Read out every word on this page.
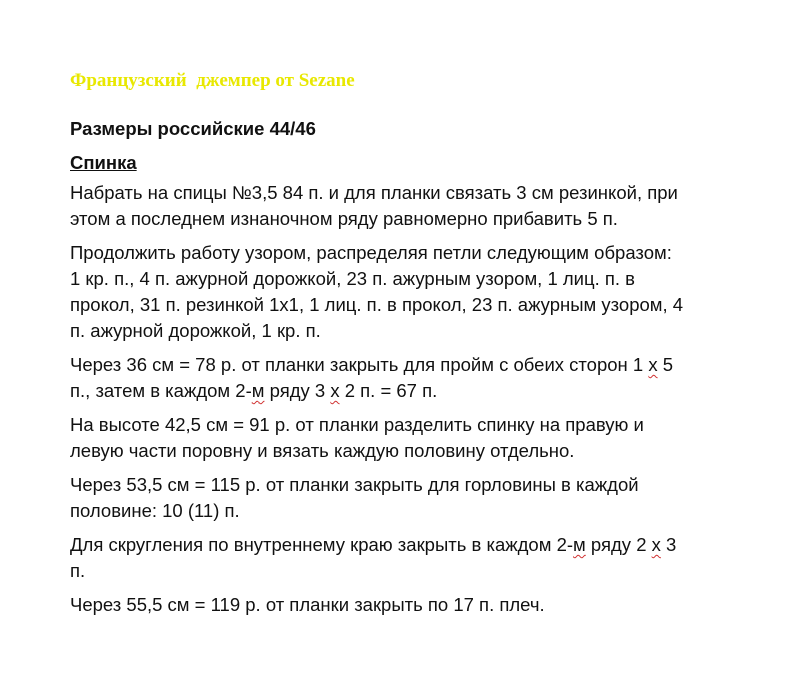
Французский  джемпер от Sezane
Размеры российские 44/46
Спинка
Набрать на спицы №3,5 84 п. и для планки связать 3 см резинкой, при
этом а последнем изнаночном ряду равномерно прибавить 5 п.
Продолжить работу узором, распределяя петли следующим образом:
1 кр. п., 4 п. ажурной дорожкой, 23 п. ажурным узором, 1 лиц. п. в
прокол, 31 п. резинкой 1х1, 1 лиц. п. в прокол, 23 п. ажурным узором, 4
п. ажурной дорожкой, 1 кр. п.
Через 36 см = 78 р. от планки закрыть для пройм с обеих сторон 1 х 5
п., затем в каждом 2-м ряду 3 х 2 п. = 67 п.
На высоте 42,5 см = 91 р. от планки разделить спинку на правую и
левую части поровну и вязать каждую половину отдельно.
Через 53,5 см = 115 р. от планки закрыть для горловины в каждой
половине: 10 (11) п.
Для скругления по внутреннему краю закрыть в каждом 2-м ряду 2 х 3
п.
Через 55,5 см = 119 р. от планки закрыть по 17 п. плеч.
